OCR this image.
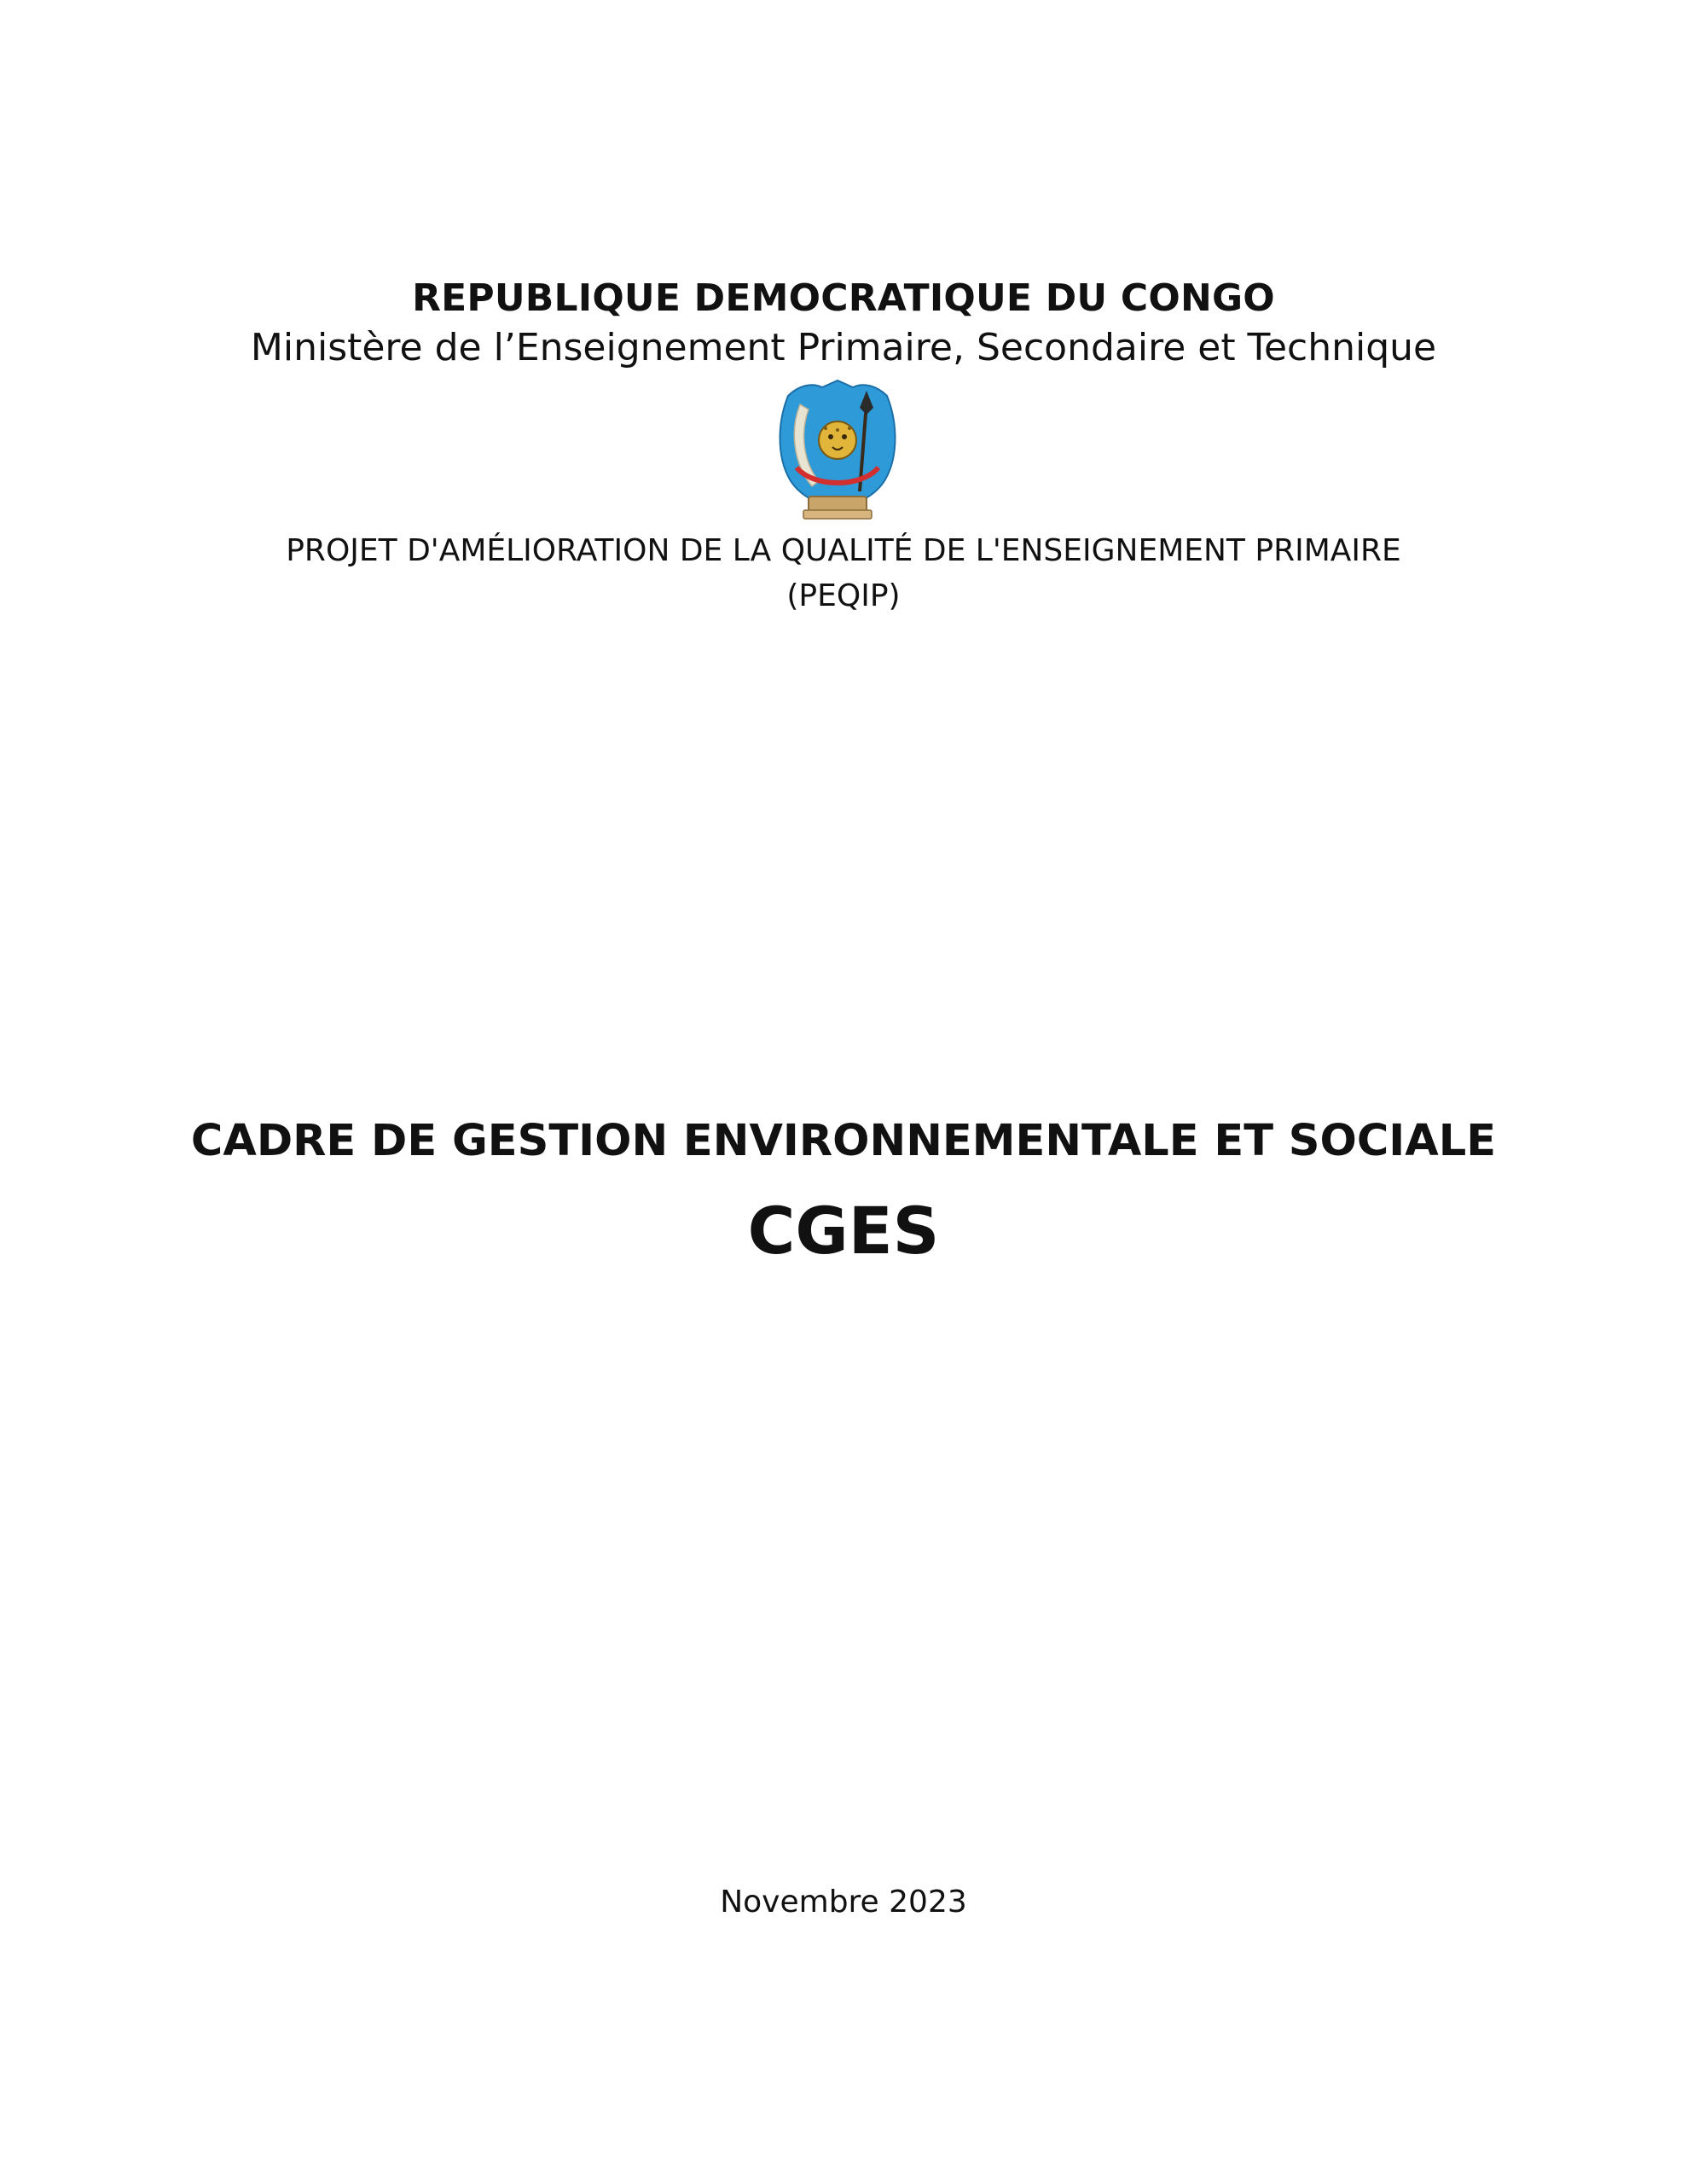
REPUBLIQUE DEMOCRATIQUE DU CONGO
Ministère de l’Enseignement Primaire, Secondaire et Technique
PROJET D'AMÉLIORATION DE LA QUALITÉ DE L'ENSEIGNEMENT PRIMAIRE
(PEQIP)
CADRE DE GESTION ENVIRONNEMENTALE ET SOCIALE
CGES
Novembre 2023
